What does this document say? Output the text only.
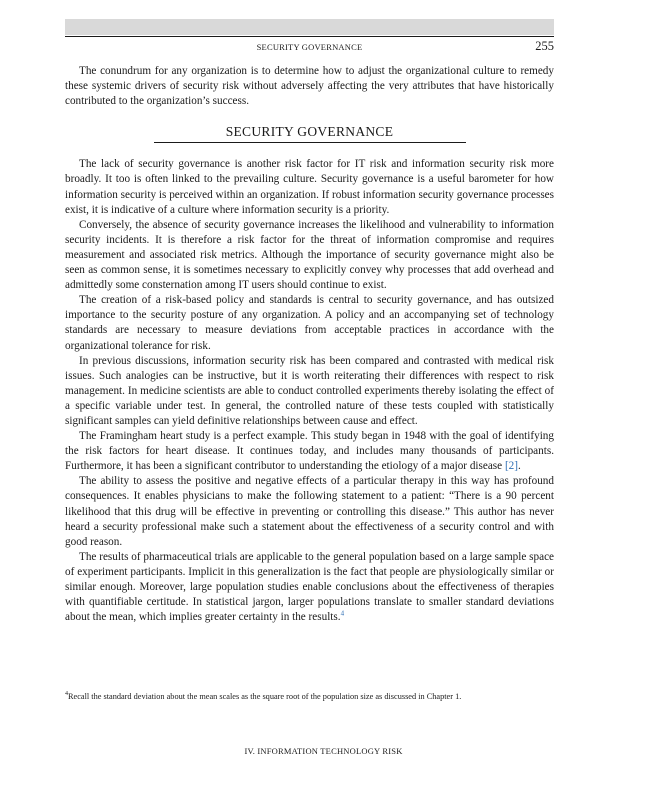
SECURITY GOVERNANCE	255

The conundrum for any organization is to determine how to adjust the organizational culture to remedy these systemic drivers of security risk without adversely affecting the very attributes that have historically contributed to the organization’s success.

SECURITY GOVERNANCE

The lack of security governance is another risk factor for IT risk and information security risk more broadly. It too is often linked to the prevailing culture. Security governance is a useful barometer for how information security is perceived within an organization. If robust information security governance processes exist, it is indicative of a culture where information security is a priority.

Conversely, the absence of security governance increases the likelihood and vulnerability to information security incidents. It is therefore a risk factor for the threat of information compromise and requires measurement and associated risk metrics. Although the importance of security governance might also be seen as common sense, it is sometimes necessary to explicitly convey why processes that add overhead and admittedly some consternation among IT users should continue to exist.

The creation of a risk-based policy and standards is central to security governance, and has outsized importance to the security posture of any organization. A policy and an accompanying set of technology standards are necessary to measure deviations from acceptable practices in accordance with the organizational tolerance for risk.

In previous discussions, information security risk has been compared and contrasted with medical risk issues. Such analogies can be instructive, but it is worth reiterating their differences with respect to risk management. In medicine scientists are able to conduct controlled experiments thereby isolating the effect of a specific variable under test. In general, the controlled nature of these tests coupled with statistically significant samples can yield definitive relationships between cause and effect.

The Framingham heart study is a perfect example. This study began in 1948 with the goal of identifying the risk factors for heart disease. It continues today, and includes many thousands of participants. Furthermore, it has been a significant contributor to understanding the etiology of a major disease [2].

The ability to assess the positive and negative effects of a particular therapy in this way has profound consequences. It enables physicians to make the following statement to a patient: “There is a 90 percent likelihood that this drug will be effective in preventing or controlling this disease.” This author has never heard a security professional make such a statement about the effectiveness of a security control and with good reason.

The results of pharmaceutical trials are applicable to the general population based on a large sample space of experiment participants. Implicit in this generalization is the fact that people are physiologically similar or similar enough. Moreover, large population studies enable conclusions about the effectiveness of therapies with quantifiable certitude. In statistical jargon, larger populations translate to smaller standard deviations about the mean, which implies greater certainty in the results.$^4$

$^4$Recall the standard deviation about the mean scales as the square root of the population size as discussed in Chapter 1.
IV. INFORMATION TECHNOLOGY RISK
